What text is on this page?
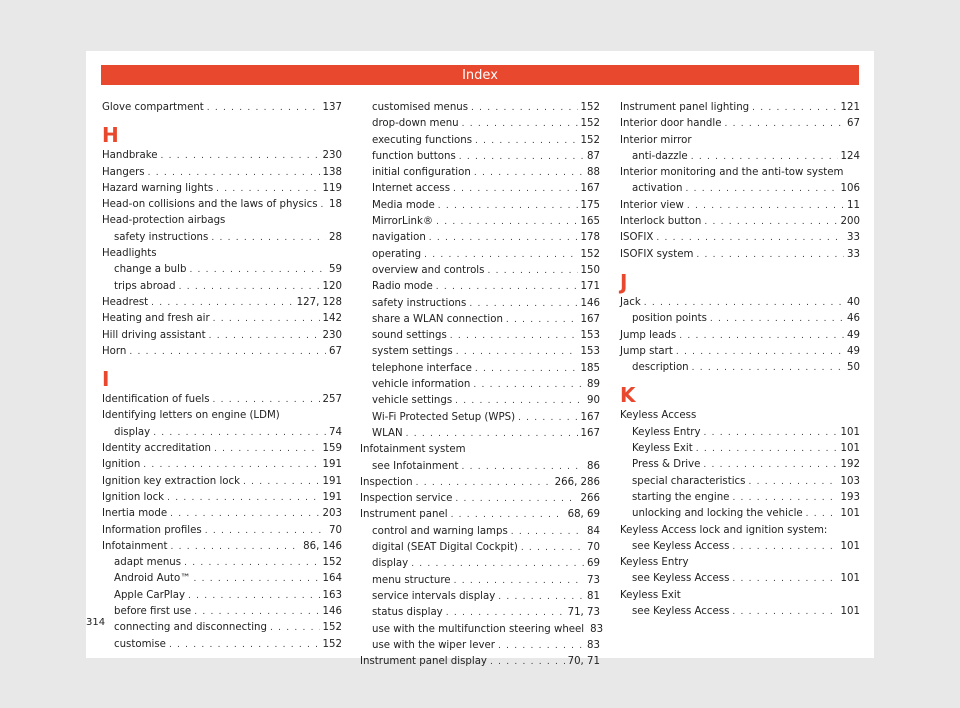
Index
Glove compartment . . .	137
H
Handbrake . . .	230
Hangers . . .	138
Hazard warning lights . . .	119
Head-on collisions and the laws of physics . . . 18
Head-protection airbags
safety instructions . . .	28
Headlights
change a bulb . . .	59
trips abroad . . .	120
Headrest . . .	127, 128
Heating and fresh air . . .	142
Hill driving assistant . . .	230
Horn . . .	67
I
Identification of fuels . . .	257
Identifying letters on engine (LDM)
display . . .	74
Identity accreditation . . .	159
Ignition . . .	191
Ignition key extraction lock . . .	191
Ignition lock . . .	191
Inertia mode . . .	203
Information profiles . . .	70
Infotainment . . .	86, 146
adapt menus . . .	152
Android Auto™ . . .	164
Apple CarPlay . . .	163
before first use . . .	146
connecting and disconnecting . . .	152
customise . . .	152
customised menus . . .	152
drop-down menu . . .	152
executing functions . . .	152
function buttons . . .	87
initial configuration . . .	88
Internet access . . .	167
Media mode . . .	175
MirrorLink® . . .	165
navigation . . .	178
operating . . .	152
overview and controls . . .	150
Radio mode . . .	171
safety instructions . . .	146
share a WLAN connection . . .	167
sound settings . . .	153
system settings . . .	153
telephone interface . . .	185
vehicle information . . .	89
vehicle settings . . .	90
Wi-Fi Protected Setup (WPS) . . .	167
WLAN . . .	167
Infotainment system
see Infotainment . . .	86
Inspection . . .	266, 286
Inspection service . . .	266
Instrument panel . . .	68, 69
control and warning lamps . . .	84
digital (SEAT Digital Cockpit) . . .	70
display . . .	69
menu structure . . .	73
service intervals display . . .	81
status display . . .	71, 73
use with the multifunction steering wheel 83
use with the wiper lever . . .	83
Instrument panel display . . .	70, 71
Instrument panel lighting . . .	121
Interior door handle . . .	67
Interior mirror
anti-dazzle . . .	124
Interior monitoring and the anti-tow system
activation . . .	106
Interior view . . .	11
Interlock button . . .	200
ISOFIX . . .	33
ISOFIX system . . .	33
J
Jack . . .	40
position points . . .	46
Jump leads . . .	49
Jump start . . .	49
description . . .	50
K
Keyless Access
Keyless Entry . . .	101
Keyless Exit . . .	101
Press & Drive . . .	192
special characteristics . . .	103
starting the engine . . .	193
unlocking and locking the vehicle . . .	101
Keyless Access lock and ignition system:
see Keyless Access . . .	101
Keyless Entry
see Keyless Access . . .	101
Keyless Exit
see Keyless Access . . .	101
314
